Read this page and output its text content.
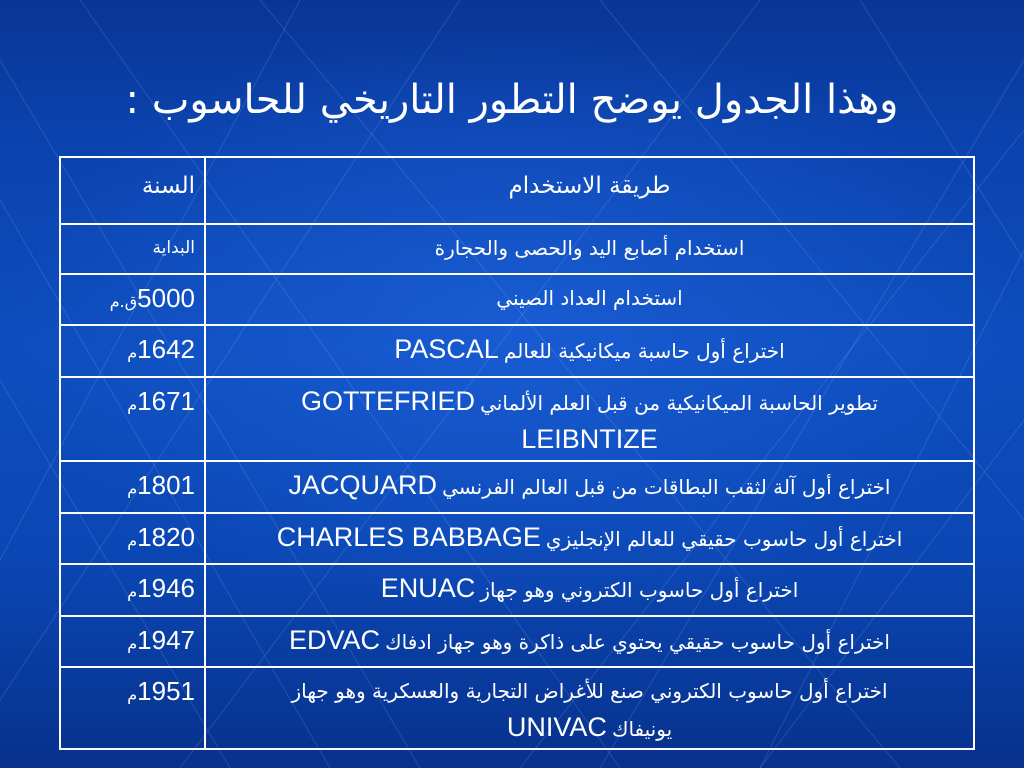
وهذا الجدول يوضح التطور التاريخي للحاسوب :
السنة	طريقة الاستخدام
البداية	استخدام أصابع اليد والحصى والحجارة

5000ق.م	استخدام العداد الصيني

1642م	اختراع أول حاسبة ميكانيكية للعالم PASCAL

1671م	تطوير الحاسبة الميكانيكية من قبل العلم الألماني GOTTEFRIED
LEIBNTIZE

1801م	اختراع أول آلة لثقب البطاقات من قبل العالم الفرنسي JACQUARD

1820م	اختراع أول حاسوب حقيقي للعالم الإنجليزي CHARLES BABBAGE

1946م	اختراع أول حاسوب الكتروني وهو جهاز ENUAC

1947م	اختراع أول حاسوب حقيقي يحتوي على ذاكرة وهو جهاز ادفاك EDVAC

1951م	اختراع أول حاسوب الكتروني صنع للأغراض التجارية والعسكرية وهو جهاز
يونيفاك UNIVAC
